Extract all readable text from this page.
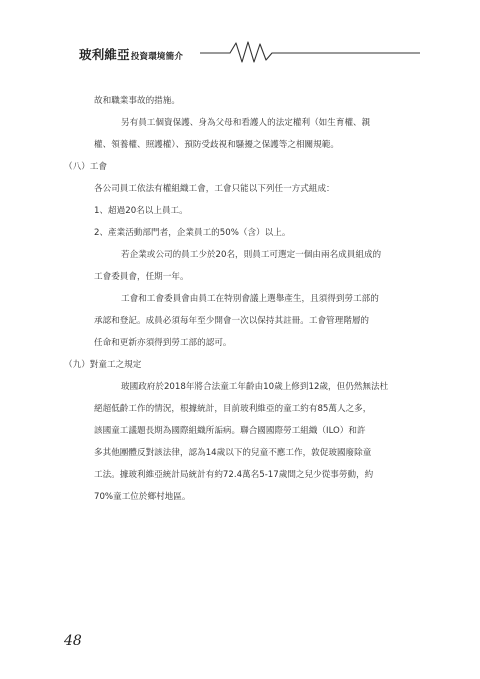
玻利維亞投資環境簡介
故和職業事故的措施。
另有員工個資保護、身為父母和看護人的法定權利（如生育權、親
權、領養權、照護權）、預防受歧視和騷擾之保護等之相關規範。
（八）工會
各公司員工依法有權組織工會，工會只能以下列任一方式組成：
1、超過20名以上員工。
2、產業活動部門者，企業員工的50%（含）以上。
若企業或公司的員工少於20名，則員工可選定一個由兩名成員組成的
工會委員會，任期一年。
工會和工會委員會由員工在特別會議上選舉產生，且須得到勞工部的
承認和登記。成員必須每年至少開會一次以保持其註冊。工會管理階層的
任命和更新亦須得到勞工部的認可。
（九）對童工之規定
玻國政府於2018年將合法童工年齡由10歲上修到12歲，但仍然無法杜
絕超低齡工作的情況，根據統計，目前玻利維亞的童工約有85萬人之多，
該國童工議題長期為國際組織所詬病。聯合國國際勞工組織（ILO）和許
多其他團體反對該法律，認為14歲以下的兒童不應工作，敦促玻國廢除童
工法。據玻利維亞統計局統計有約72.4萬名5-17歲間之兒少從事勞動，約
70%童工位於鄉村地區。
48
